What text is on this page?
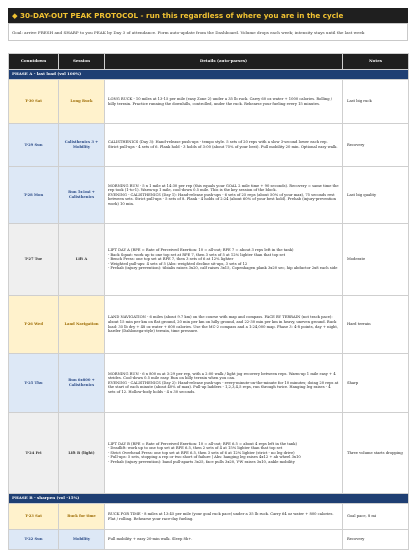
◆ 30-DAY-OUT PEAK PROTOCOL - run this regardless of where you are in the cycle
Goal: arrive FRESH and SHARP to you PEAK by Day 3 of attendance. Form auto-update from the Dashboard. Volume drops each week; intensity stays until the last week
Countdown	Session	Details (auto-parses)	Notes
PHASE A - last load (vol 100%)			
T-30 Sat	Long Ruck	LONG RUCK - 10 miles at 13-15 per mile (easy Zone 2) under a 35 lb ruck. Carry 60 oz water + 1000 calories. Rolling / hilly terrain. Practice running the downhills, controlled, under the ruck. Rehearse your fueling every 15 minutes.	Last big ruck
T-29 Sun	Calisthenics 3 + Mobility	CALISTHENICS (Day 3): Hand-release push-ups - tempo style. 5 sets of 20 reps with a slow 3-second lower each rep. Strict pull-ups - 4 sets of 6. Plank hold - 3 holds of 3:00 (about 75% of your best). Full mobility 20 min. Optional easy walk.	Recovery
T-28 Mon	Run 5x1mi + Calisthenics	MORNING RUN - 5 x 1 mile at 14:30 per rep (this equals your GOAL 2 mile time + 90 seconds). Recovery = same time the rep took (1-to-1). Warm-up 1 mile, cool-down 0.5 mile. This is the key session of the block.
EVENING - CALISTHENICS (Day 1): Hand-release push-ups - 6 sets of 25 reps (about 50% of your max), 75 seconds rest between sets. Strict pull-ups - 5 sets of 8. Plank - 4 holds of 2:24 (about 60% of your best hold). Prehab (injury-prevention work) 10 min.	Last big quality
T-27 Tue	Lift A	LIFT DAY A (RPE = Rate of Perceived Exertion: 10 = all-out; RPE 7 = about 3 reps left in the tank)
- Back Squat: work up to one top set at RPE 7, then 3 sets of 5 at 12% lighter than that top set
- Bench Press: one top set at RPE 7, then 3 sets of 6 at 12% lighter
- Weighted pull-ups: 4 sets of 5 (Abs: weighted decline sit-ups, 3 sets of 12
- Prehab (injury prevention): tibialis raises 3x20, calf raises 3x15, Copenhagen plank 3x20 sec, hip abductor 2x8 each side	Moderate
T-26 Wed	Land Navigation	LAND NAVIGATION - 6 miles (about 9.7 km) on the course with map and compass. PACE BY TERRAIN (not track pace): about 15 min per km on flat ground, 20 min per km on hilly ground, and 22-30 min per km in heavy, uneven ground. Ruck load: 35 lb dry + 48 oz water + 600 calories. Use the MC-2 compass and a 1:24,000 map. Phase 3: 4-8 points, day + night, harder (Dahlonega-style) terrain, time pressure.	Hard terrain
T-25 Thu	Run 6x800 + Calisthenics	MORNING RUN - 6 x 800 m at 3:29 per rep, with a 2:00 walk / light jog recovery between reps. Warm-up 1 mile easy + 4 strides. Cool-down 0.5 mile easy. Run on hilly terrain when you can.
EVENING - CALISTHENICS (Day 2): Hand-release push-ups - every-minute-on-the-minute for 10 minutes; doing 20 reps at the start of each minute (about 40% of max). Pull-up ladders - 1,2,3,4,5 reps, run through twice. Hanging leg raises - 4 sets of 12. Hollow-body holds - 4 x 30 seconds.	Sharp
T-24 Fri	Lift B (light)	LIFT DAY B (RPE = Rate of Perceived Exertion: 10 = all-out; RPE 6.5 = about 4 reps left in the tank)
- Deadlift: work up to one top set at RPE 6.5, then 2 sets of 4 at 15% lighter than that top set
- Strict Overhead Press: one top set at RPE 6.5, then 3 sets of 6 at 12% lighter (strict - no leg drive)
- Pull-ups: 5 sets, stopping a rep or two short of failure | Abs: hanging leg raises 4x12 + ab wheel 3x10
- Prehab (injury prevention): band pull-aparts 3x25, face pulls 3x20, Y-W raises 3x10, ankle mobility	Three volume starts dropping
PHASE B - sharpen (vol -15%)			
T-23 Sat	Ruck for time	RUCK FOR TIME - 8 miles at 13:45 per mile (your goal ruck pace) under a 35 lb ruck. Carry 64 oz water + 800 calories. Flat / rolling. Rehearse your race-day fueling.	Goal pace, 8 mi
T-22 Sun	Mobility	Full mobility + easy 20-min walk. Sleep 8h+.	Recovery
